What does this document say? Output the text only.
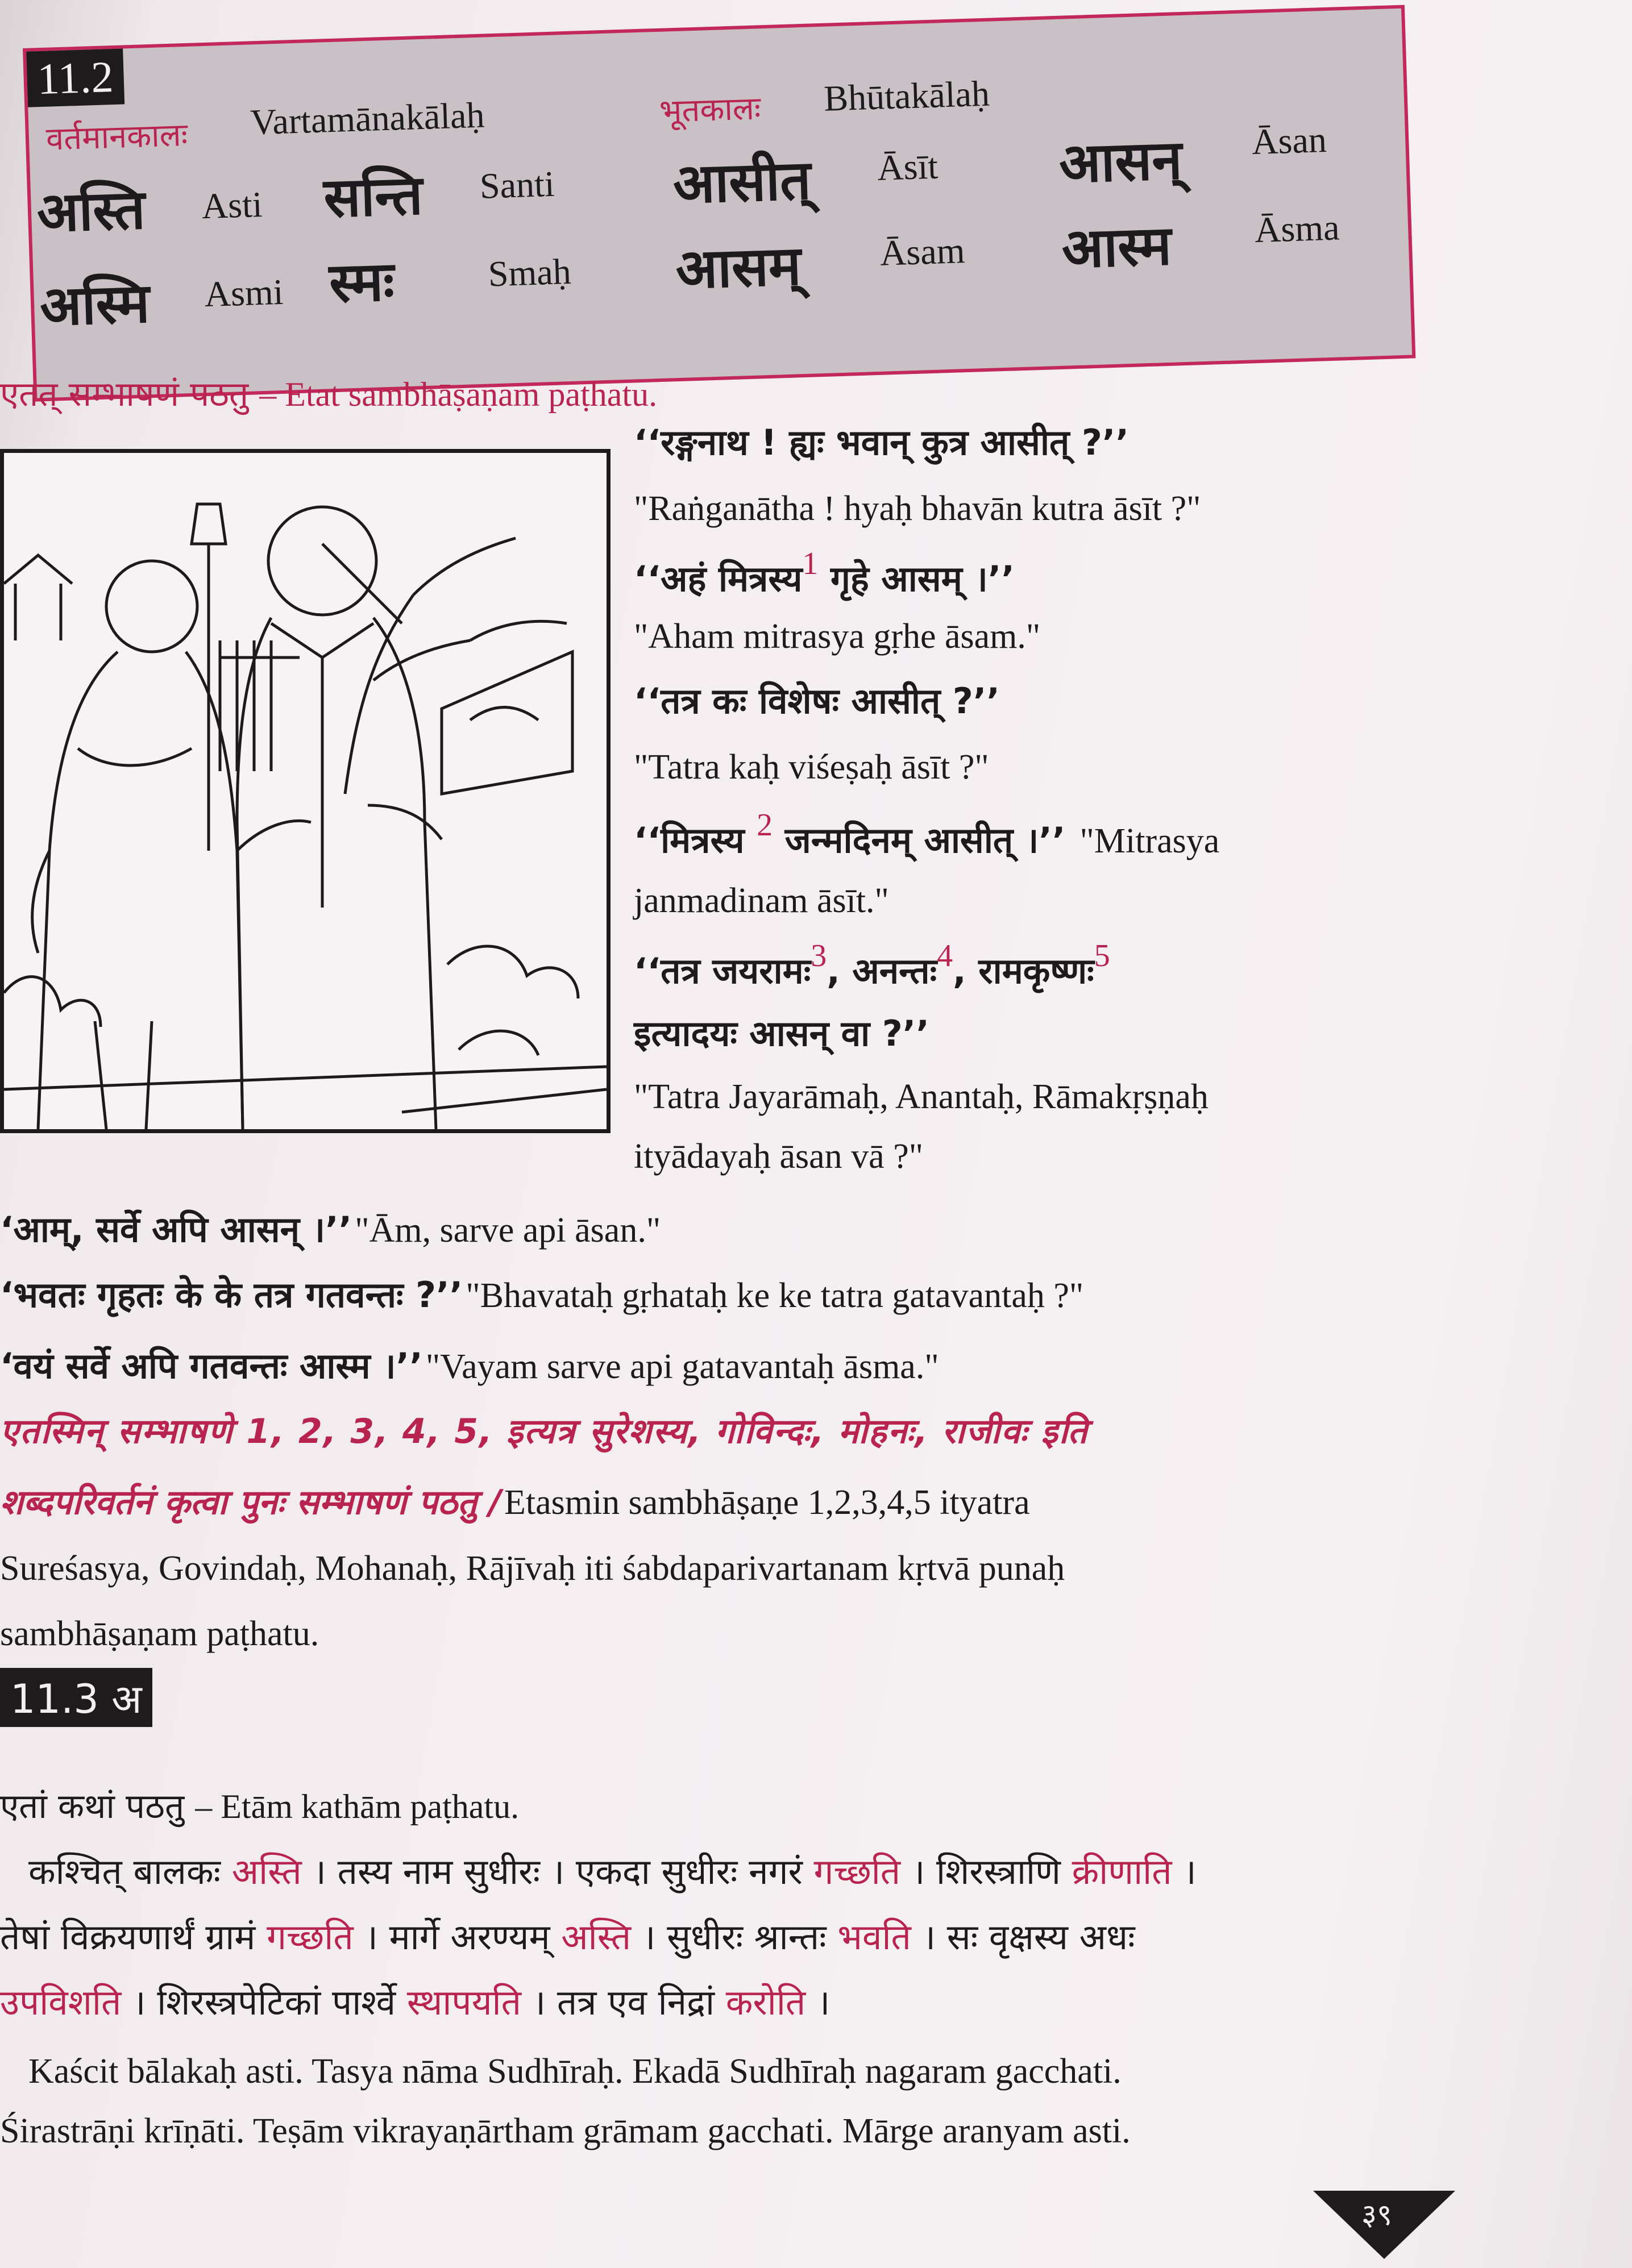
11.2
वर्तमानकालः Vartamānakālaḥ	भूतकालः Bhūtakālaḥ
अस्ति Asti सन्ति Santi आसीत् Āsīt आसन् Āsan
अस्मि Asmi स्मः	Smaḥ आसम् Āsam आस्म Āsma
एतत् सम्भाषणं पठतु – Etat sambhāṣaṇam paṭhatu.
‘‘रङ्गनाथ ! ह्यः भवान् कुत्र आसीत् ?’’
"Raṅganātha ! hyaḥ bhavān kutra āsīt ?"
‘‘अहं मित्रस्य1 गृहे आसम् ।’’
"Aham mitrasya gṛhe āsam."
‘‘तत्र कः विशेषः आसीत् ?’’
"Tatra kaḥ viśeṣaḥ āsīt ?"
‘‘मित्रस्य 2 जन्मदिनम् आसीत् ।’’ "Mitrasya
janmadinam āsīt."
‘‘तत्र जयरामः3, अनन्तः4, रामकृष्णः5
इत्यादयः आसन् वा ?’’
"Tatra Jayarāmaḥ, Anantaḥ, Rāmakṛṣṇaḥ
ityādayaḥ āsan vā ?"
‘आम्, सर्वे अपि आसन् ।’’ "Ām, sarve api āsan."
‘भवतः गृहतः के के तत्र गतवन्तः ?’’ "Bhavataḥ gṛhataḥ ke ke tatra gatavantaḥ ?"
‘वयं सर्वे अपि गतवन्तः आस्म ।’’ "Vayam sarve api gatavantaḥ āsma."
एतस्मिन् सम्भाषणे 1, 2, 3, 4, 5, इत्यत्र सुरेशस्य, गोविन्दः, मोहनः, राजीवः इति
शब्दपरिवर्तनं कृत्वा पुनः सम्भाषणं पठतु / Etasmin sambhāṣaṇe 1,2,3,4,5 ityatra
Sureśasya, Govindaḥ, Mohanaḥ, Rājīvaḥ iti śabdaparivartanam kṛtvā punaḥ
sambhāṣaṇam paṭhatu.
11.3 अ
एतां कथां पठतु – Etām kathām paṭhatu.
कश्चित् बालकः अस्ति । तस्य नाम सुधीरः । एकदा सुधीरः नगरं गच्छति । शिरस्त्राणि क्रीणाति ।
तेषां विक्रयणार्थं ग्रामं गच्छति । मार्गे अरण्यम् अस्ति । सुधीरः श्रान्तः भवति । सः वृक्षस्य अधः
उपविशति । शिरस्त्रपेटिकां पार्श्वे स्थापयति । तत्र एव निद्रां करोति ।
Kaścit bālakaḥ asti. Tasya nāma Sudhīraḥ. Ekadā Sudhīraḥ nagaram gacchati.
Śirastrāṇi krīṇāti. Teṣām vikrayaṇārtham grāmam gacchati. Mārge aranyam asti.
३९
